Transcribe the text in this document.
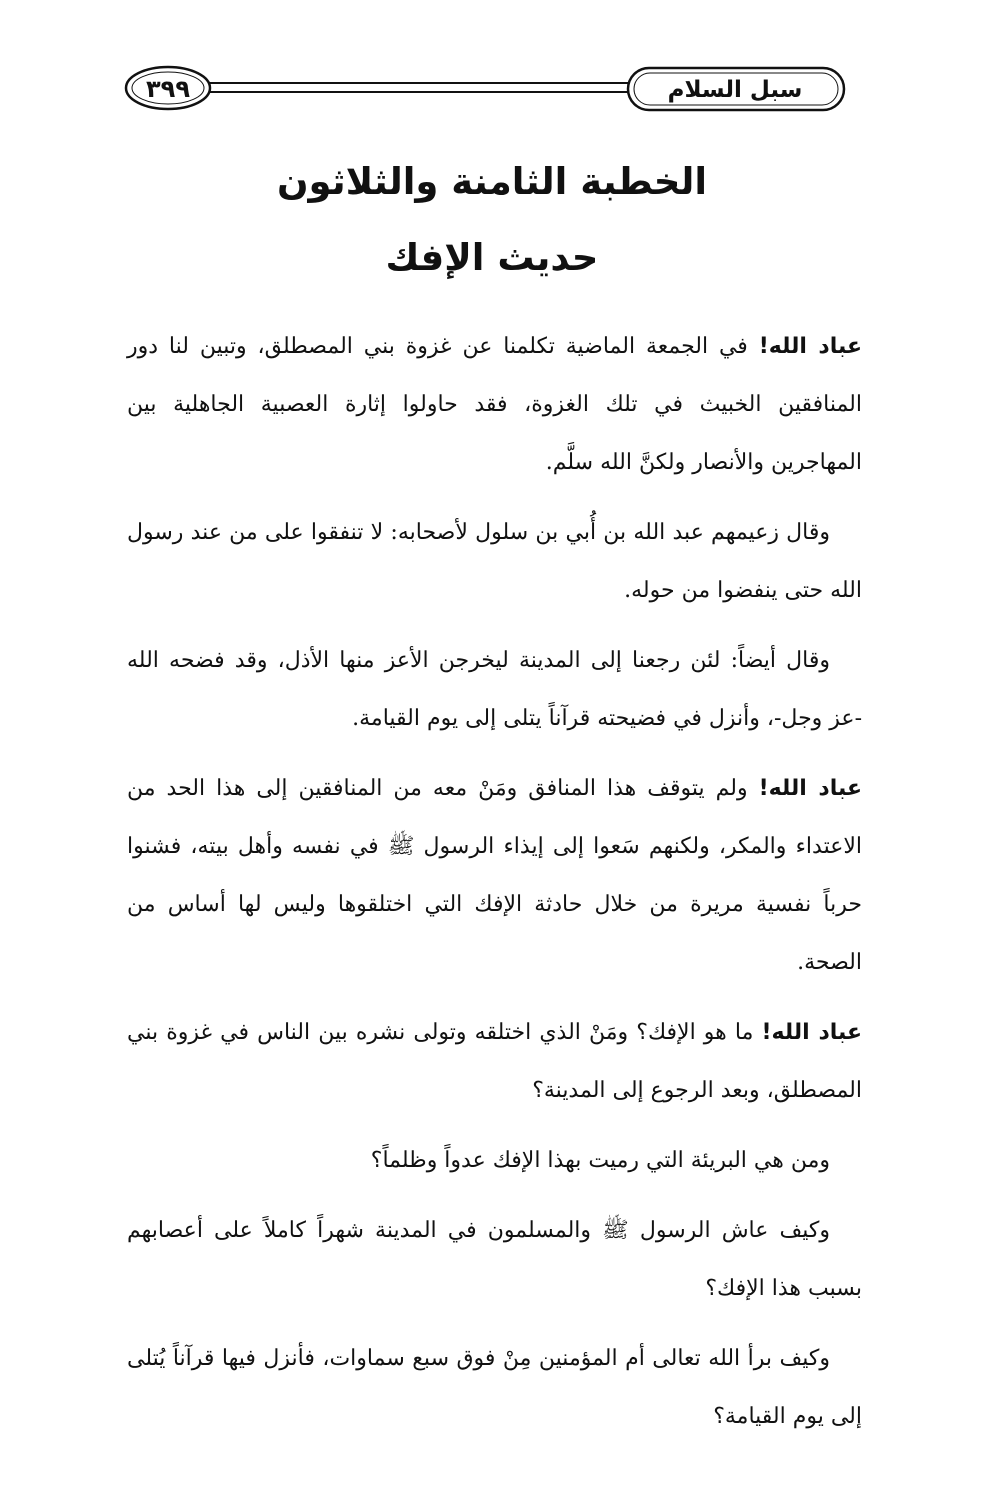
سبل السلام
٣٩٩
الخطبة الثامنة والثلاثون
حديث الإفك

عباد الله! في الجمعة الماضية تكلمنا عن غزوة بني المصطلق، وتبين لنا دور المنافقين الخبيث في تلك الغزوة، فقد حاولوا إثارة العصبية الجاهلية بين المهاجرين والأنصار ولكنَّ الله سلَّم.

وقال زعيمهم عبد الله بن أُبي بن سلول لأصحابه: لا تنفقوا على من عند رسول الله حتى ينفضوا من حوله.

وقال أيضاً: لئن رجعنا إلى المدينة ليخرجن الأعز منها الأذل، وقد فضحه الله -عز وجل-، وأنزل في فضيحته قرآناً يتلى إلى يوم القيامة.

عباد الله! ولم يتوقف هذا المنافق ومَنْ معه من المنافقين إلى هذا الحد من الاعتداء والمكر، ولكنهم سَعوا إلى إيذاء الرسول ﷺ في نفسه وأهل بيته، فشنوا حرباً نفسية مريرة من خلال حادثة الإفك التي اختلقوها وليس لها أساس من الصحة.

عباد الله! ما هو الإفك؟ ومَنْ الذي اختلقه وتولى نشره بين الناس في غزوة بني المصطلق، وبعد الرجوع إلى المدينة؟

ومن هي البريئة التي رميت بهذا الإفك عدواً وظلماً؟

وكيف عاش الرسول ﷺ والمسلمون في المدينة شهراً كاملاً على أعصابهم بسبب هذا الإفك؟

وكيف برأ الله تعالى أم المؤمنين مِنْ فوق سبع سماوات، فأنزل فيها قرآناً يُتلى إلى يوم القيامة؟
